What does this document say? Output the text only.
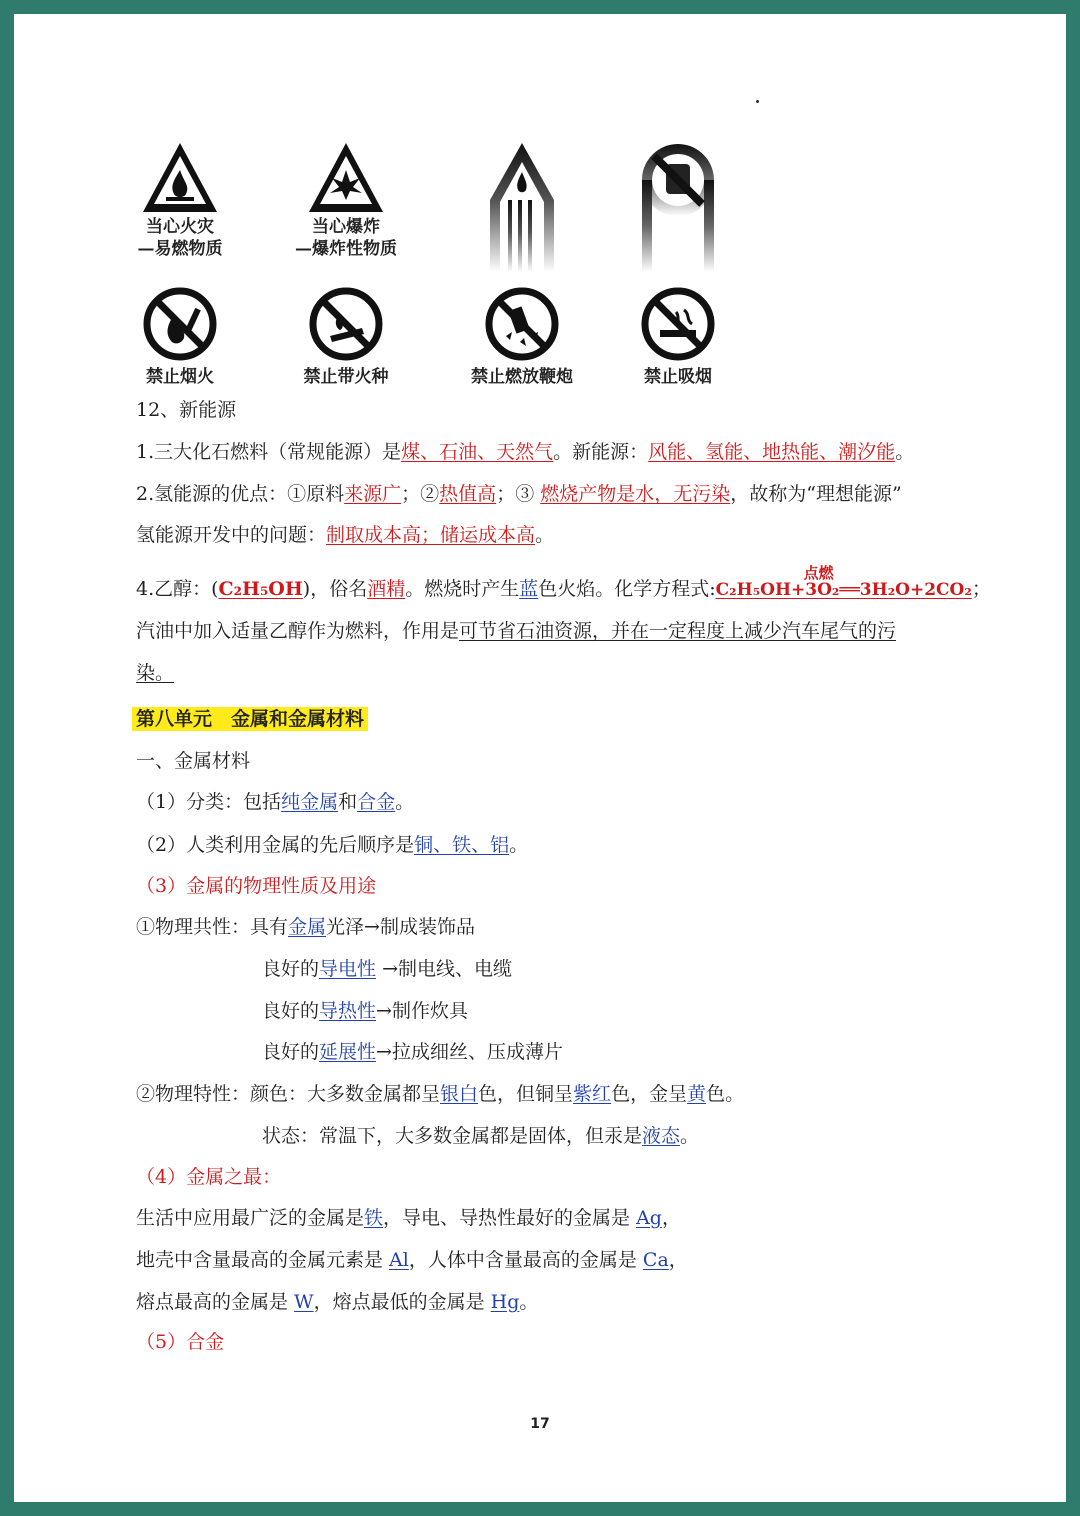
当心火灾
—易燃物质
当心爆炸
—爆炸性物质
禁止烟火	禁止带火种	禁止燃放鞭炮	禁止吸烟
12、新能源
1.三大化石燃料（常规能源）是煤、石油、天然气。新能源：风能、氢能、地热能、潮汐能。
2.氢能源的优点：①原料来源广；②热值高；③ 燃烧产物是水，无污染，故称为“理想能源”
氢能源开发中的问题：制取成本高；储运成本高。
4.乙醇：(C₂H₅OH)，俗名酒精。燃烧时产生蓝色火焰。化学方程式:
点燃
C₂H₅OH+3O₂══3H₂O+2CO₂；
汽油中加入适量乙醇作为燃料，作用是可节省石油资源，并在一定程度上减少汽车尾气的污
染。
第八单元　金属和金属材料
一、金属材料
（1）分类：包括纯金属和合金。
（2）人类利用金属的先后顺序是铜、铁、铝。
（3）金属的物理性质及用途
①物理共性：具有金属光泽→制成装饰品
良好的导电性 →制电线、电缆
良好的导热性→制作炊具
良好的延展性→拉成细丝、压成薄片
②物理特性：颜色：大多数金属都呈银白色，但铜呈紫红色，金呈黄色。
状态：常温下，大多数金属都是固体，但汞是液态。
（4）金属之最：
生活中应用最广泛的金属是铁，导电、导热性最好的金属是 Ag，
地壳中含量最高的金属元素是 Al，人体中含量最高的金属是 Ca，
熔点最高的金属是 W，熔点最低的金属是 Hg。
（5）合金
17
